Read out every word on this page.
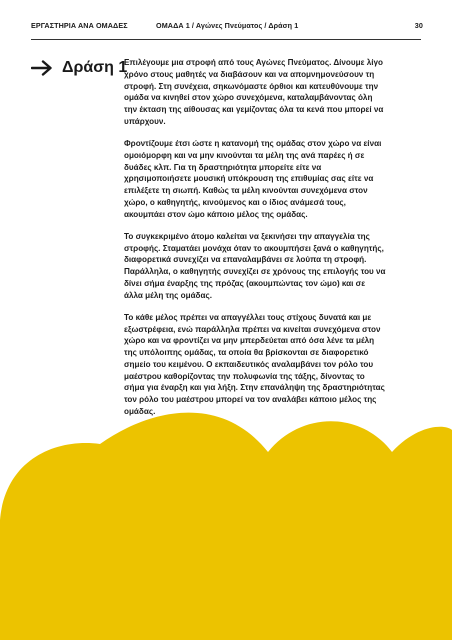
ΕΡΓΑΣΤΗΡΙΑ ΑΝΑ ΟΜΑΔΕΣ	ΟΜΑΔΑ 1 / Αγώνες Πνεύματος / Δράση 1	30
Δράση 1

Επιλέγουμε μια στροφή από τους Αγώνες Πνεύματος. Δίνουμε λίγο χρόνο στους μαθητές να διαβάσουν και να απομνημονεύσουν τη στροφή. Στη συνέχεια, σηκωνόμαστε όρθιοι και κατευθύνουμε την ομάδα να κινηθεί στον χώρο συνεχόμενα, καταλαμβάνοντας όλη την έκταση της αίθουσας και γεμίζοντας όλα τα κενά που μπορεί να υπάρχουν.

Φροντίζουμε έτσι ώστε η κατανομή της ομάδας στον χώρο να είναι ομοιόμορφη και να μην κινούνται τα μέλη της ανά παρέες ή σε δυάδες κλπ. Για τη δραστηριότητα μπορείτε είτε να χρησιμοποιήσετε μουσική υπόκρουση της επιθυμίας σας είτε να επιλέξετε τη σιωπή. Καθώς τα μέλη κινούνται συνεχόμενα στον χώρο, ο καθηγητής, κινούμενος και ο ίδιος ανάμεσά τους, ακουμπάει στον ώμο κάποιο μέλος της ομάδας.

Το συγκεκριμένο άτομο καλείται να ξεκινήσει την απαγγελία της στροφής. Σταματάει μονάχα όταν το ακουμπήσει ξανά ο καθηγητής, διαφορετικά συνεχίζει να επαναλαμβάνει σε λούπα τη στροφή. Παράλληλα, ο καθηγητής συνεχίζει σε χρόνους της επιλογής του να δίνει σήμα έναρξης της πρόζας (ακουμπώντας τον ώμο) και σε άλλα μέλη της ομάδας.

Το κάθε μέλος πρέπει να απαγγέλλει τους στίχους δυνατά και με εξωστρέφεια, ενώ παράλληλα πρέπει να κινείται συνεχόμενα στον χώρο και να φροντίζει να μην μπερδεύεται από όσα λένε τα μέλη της υπόλοιπης ομάδας, τα οποία θα βρίσκονται σε διαφορετικό σημείο του κειμένου. Ο εκπαιδευτικός αναλαμβάνει τον ρόλο του μαέστρου καθορίζοντας την πολυφωνία της τάξης, δίνοντας το σήμα για έναρξη και για λήξη. Στην επανάληψη της δραστηριότητας τον ρόλο του μαέστρου μπορεί να τον αναλάβει κάποιο μέλος της ομάδας.
